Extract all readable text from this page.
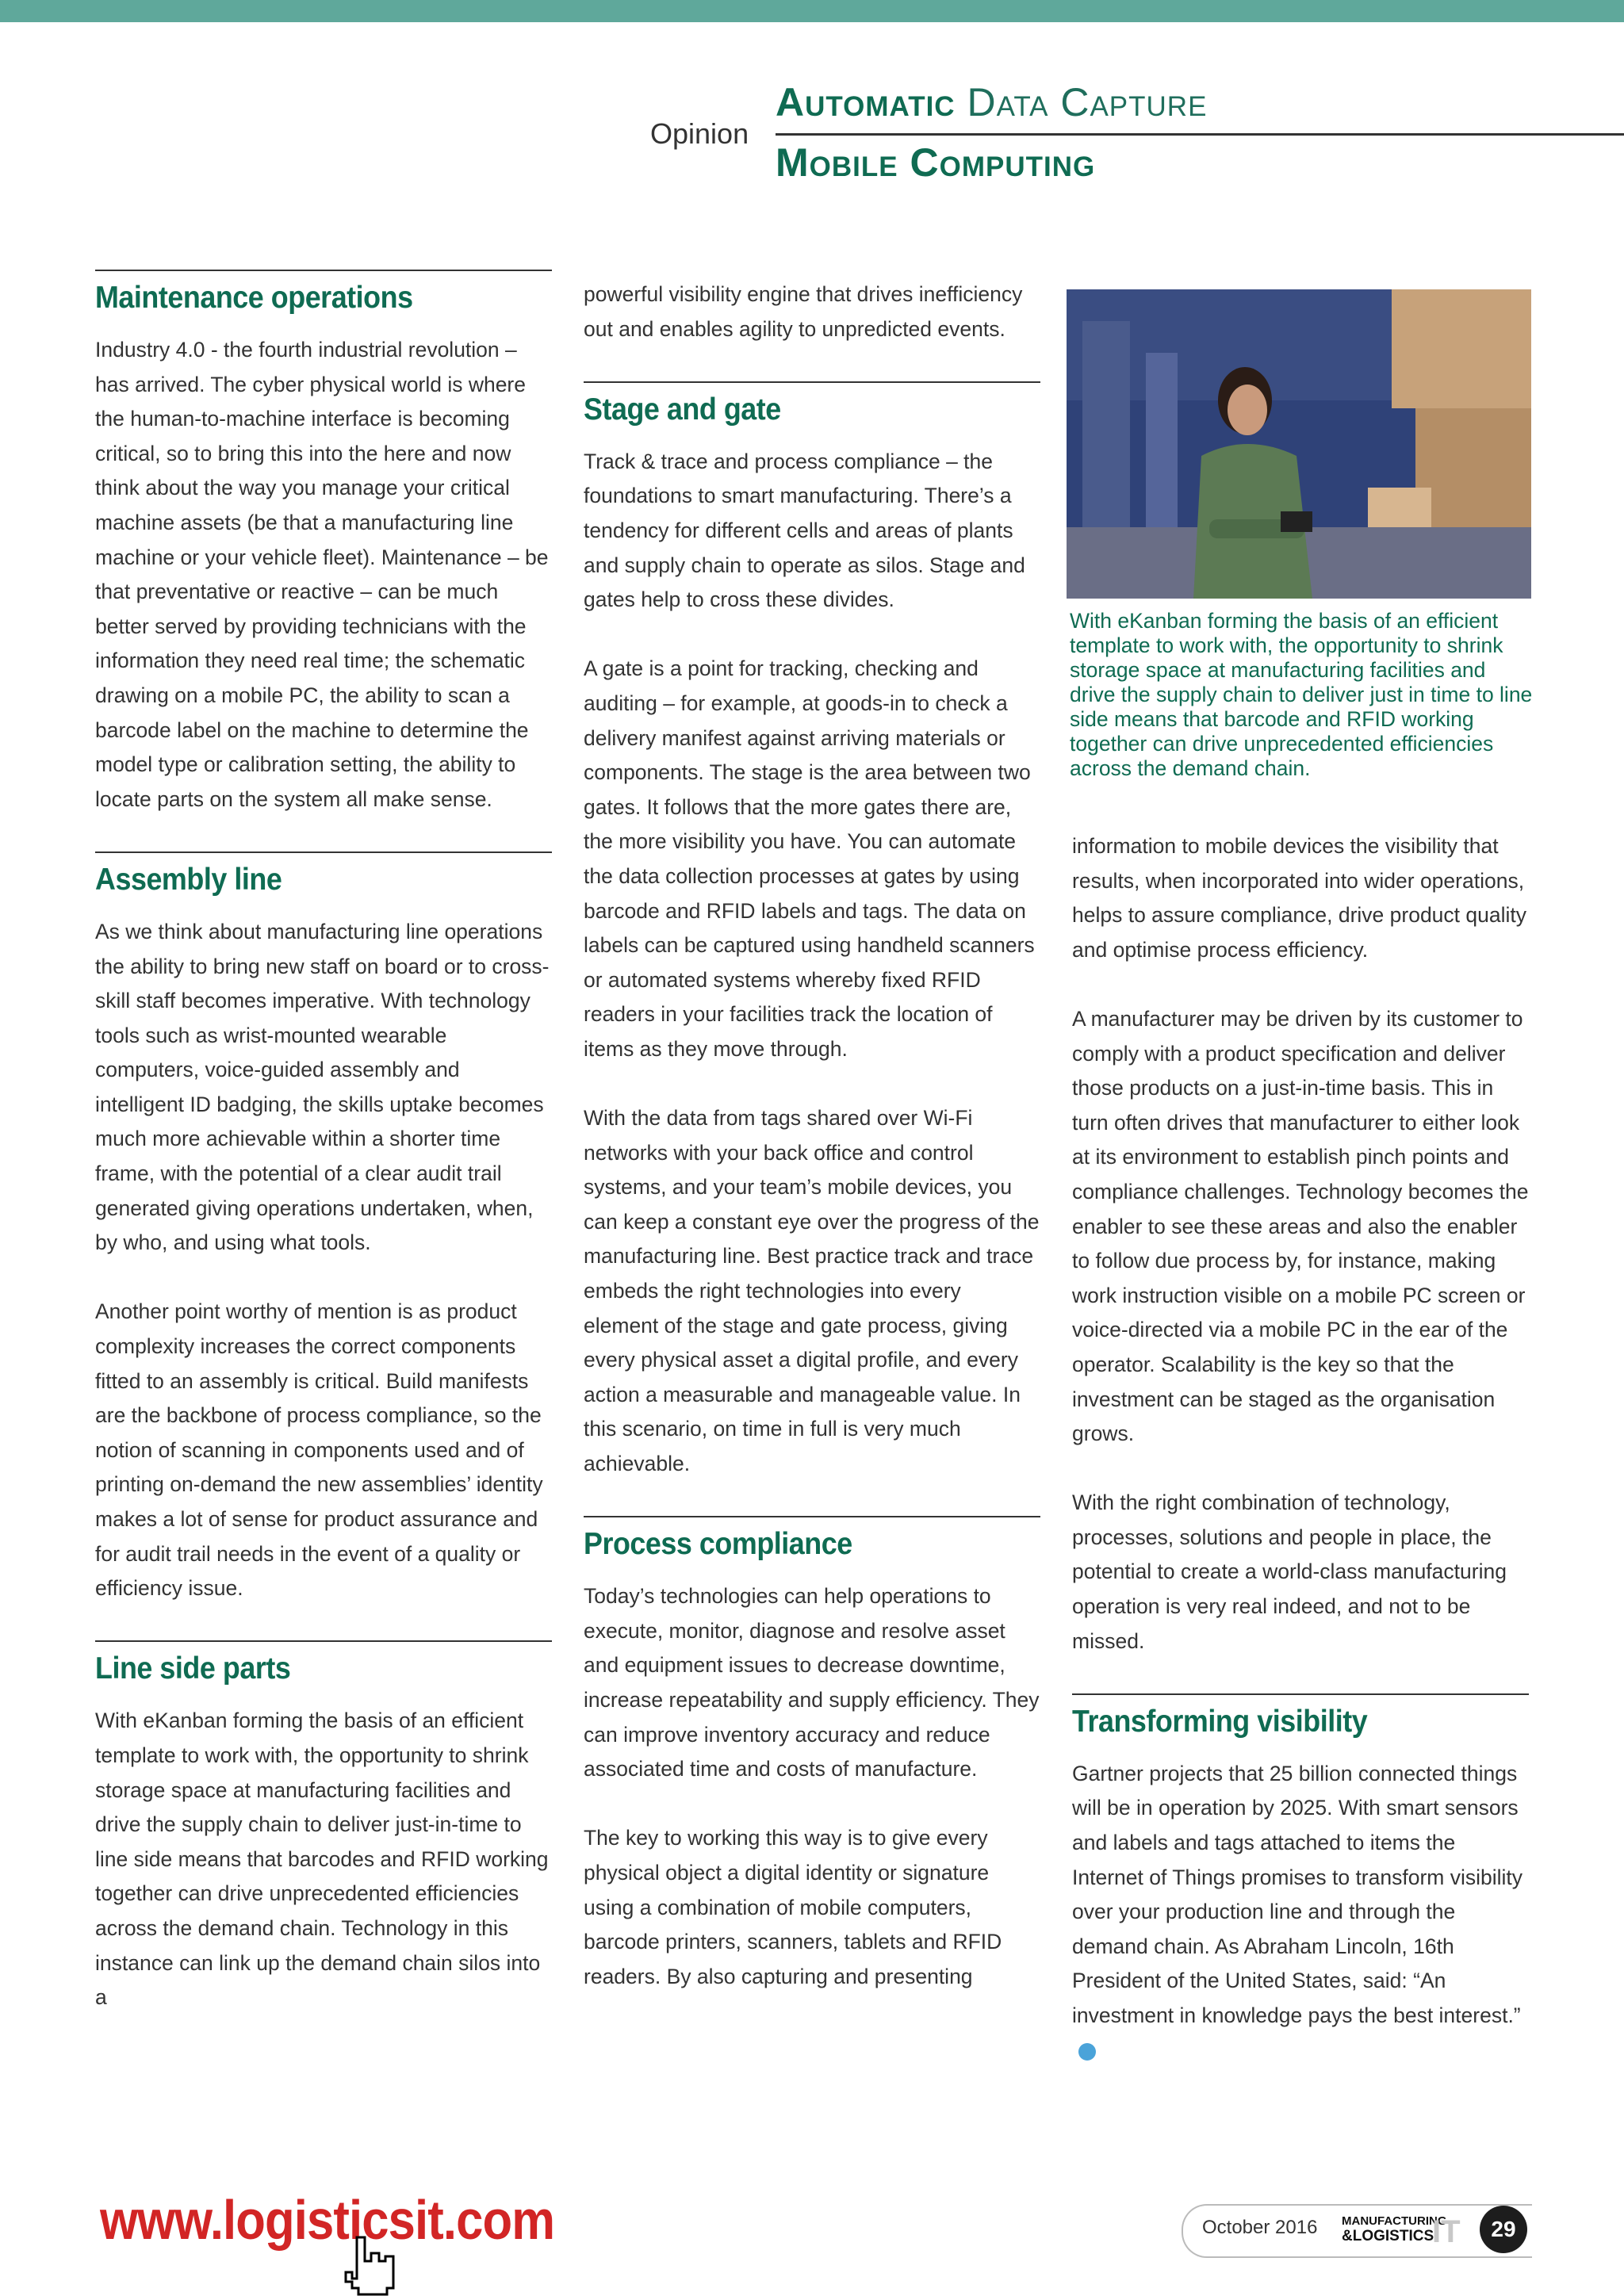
Opinion
Automatic Data Capture
Mobile Computing
Maintenance operations

Industry 4.0 - the fourth industrial revolution – has arrived. The cyber physical world is where the human-to-machine interface is becoming critical, so to bring this into the here and now think about the way you manage your critical machine assets (be that a manufacturing line machine or your vehicle fleet). Maintenance – be that preventative or reactive – can be much better served by providing technicians with the information they need real time; the schematic drawing on a mobile PC, the ability to scan a barcode label on the machine to determine the model type or calibration setting, the ability to locate parts on the system all make sense.

Assembly line

As we think about manufacturing line operations the ability to bring new staff on board or to cross-skill staff becomes imperative. With technology tools such as wrist-mounted wearable computers, voice-guided assembly and intelligent ID badging, the skills uptake becomes much more achievable within a shorter time frame, with the potential of a clear audit trail generated giving operations undertaken, when, by who, and using what tools.

Another point worthy of mention is as product complexity increases the correct components fitted to an assembly is critical. Build manifests are the backbone of process compliance, so the notion of scanning in components used and of printing on-demand the new assemblies’ identity makes a lot of sense for product assurance and for audit trail needs in the event of a quality or efficiency issue.

Line side parts

With eKanban forming the basis of an efficient template to work with, the opportunity to shrink storage space at manufacturing facilities and drive the supply chain to deliver just-in-time to line side means that barcodes and RFID working together can drive unprecedented efficiencies across the demand chain. Technology in this instance can link up the demand chain silos into a

powerful visibility engine that drives inefficiency out and enables agility to unpredicted events.

Stage and gate

Track & trace and process compliance – the foundations to smart manufacturing. There’s a tendency for different cells and areas of plants and supply chain to operate as silos. Stage and gates help to cross these divides.

A gate is a point for tracking, checking and auditing – for example, at goods-in to check a delivery manifest against arriving materials or components. The stage is the area between two gates. It follows that the more gates there are, the more visibility you have. You can automate the data collection processes at gates by using barcode and RFID labels and tags. The data on labels can be captured using handheld scanners or automated systems whereby fixed RFID readers in your facilities track the location of items as they move through.

With the data from tags shared over Wi-Fi networks with your back office and control systems, and your team’s mobile devices, you can keep a constant eye over the progress of the manufacturing line. Best practice track and trace embeds the right technologies into every element of the stage and gate process, giving every physical asset a digital profile, and every action a measurable and manageable value. In this scenario, on time in full is very much achievable.

Process compliance

Today’s technologies can help operations to execute, monitor, diagnose and resolve asset and equipment issues to decrease downtime, increase repeatability and supply efficiency. They can improve inventory accuracy and reduce associated time and costs of manufacture.

The key to working this way is to give every physical object a digital identity or signature using a combination of mobile computers, barcode printers, scanners, tablets and RFID readers. By also capturing and presenting

With eKanban forming the basis of an efficient template to work with, the opportunity to shrink storage space at manufacturing facilities and drive the supply chain to deliver just in time to line side means that barcode and RFID working together can drive unprecedented efficiencies across the demand chain.

information to mobile devices the visibility that results, when incorporated into wider operations, helps to assure compliance, drive product quality and optimise process efficiency.

A manufacturer may be driven by its customer to comply with a product specification and deliver those products on a just-in-time basis. This in turn often drives that manufacturer to either look at its environment to establish pinch points and compliance challenges. Technology becomes the enabler to see these areas and also the enabler to follow due process by, for instance, making work instruction visible on a mobile PC screen or voice-directed via a mobile PC in the ear of the operator. Scalability is the key so that the investment can be staged as the organisation grows.

With the right combination of technology, processes, solutions and people in place, the potential to create a world-class manufacturing operation is very real indeed, and not to be missed.

Transforming visibility

Gartner projects that 25 billion connected things will be in operation by 2025. With smart sensors and labels and tags attached to items the Internet of Things promises to transform visibility over your production line and through the demand chain. As Abraham Lincoln, 16th President of the United States, said: “An investment in knowledge pays the best interest.”

www.logisticsit.com	October 2016 MANUFACTURING
&LOGISTICS
IT	29
